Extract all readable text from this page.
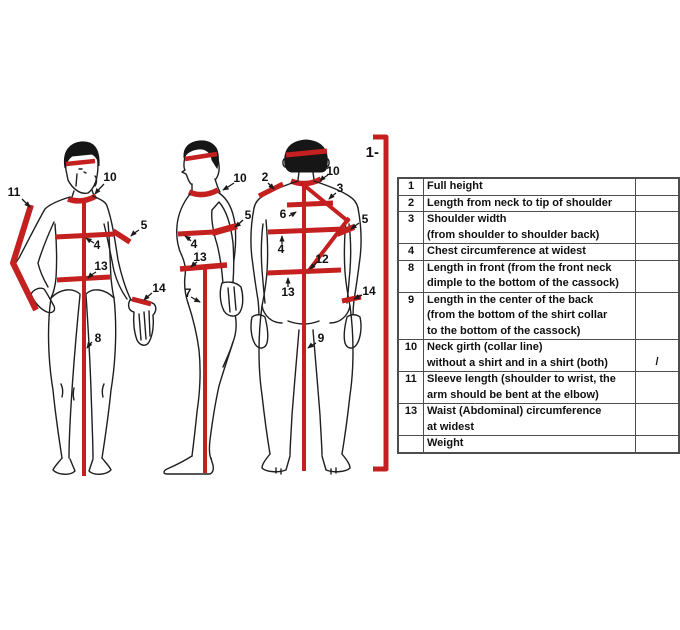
11
10
4
5
13
14
8
10
5
4
13
7
2	10
3
6	5
4
12
13	14
9
1-
1	Full height	

2	Length from neck to tip of shoulder	

3	Shoulder width
(from shoulder to shoulder back)	

4	Chest circumference at widest	

8	Length in front (from the front neck
dimple to the bottom of the cassock)	

9	Length in the center of the back
(from the bottom of the shirt collar
to the bottom of the cassock)	

10	Neck girth (collar line)
without a shirt and in a shirt (both)	/
11	Sleeve length (shoulder to wrist, the
arm should be bent at the elbow)	

13	Waist (Abdominal) circumference
at widest	

	Weight	
